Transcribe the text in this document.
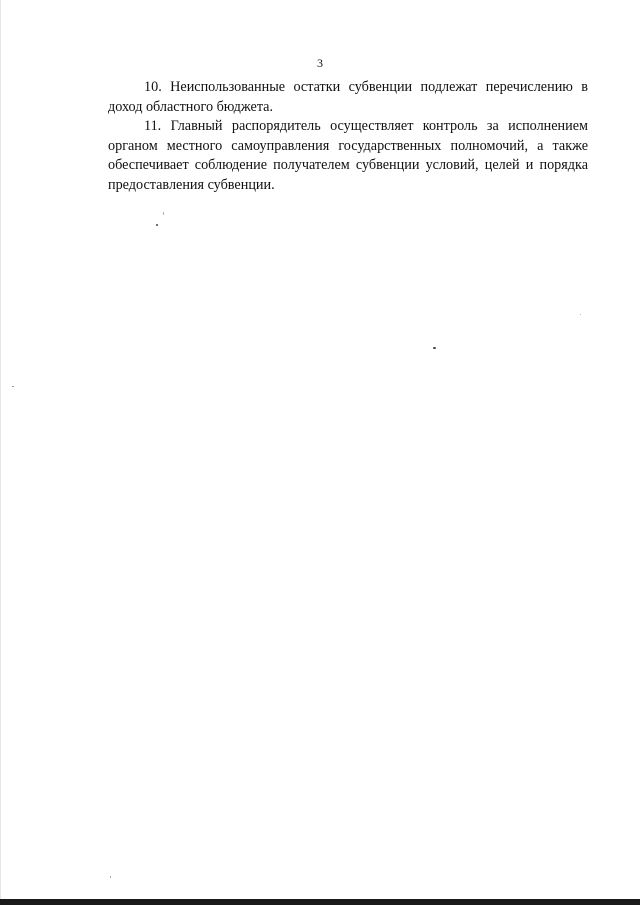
3

10. Неиспользованные остатки субвенции подлежат перечислению в доход областного бюджета.

11. Главный распорядитель осуществляет контроль за исполнением органом местного самоуправления государственных полномочий, а также обеспечивает соблюдение получателем субвенции условий, целей и порядка предоставления субвенции.
